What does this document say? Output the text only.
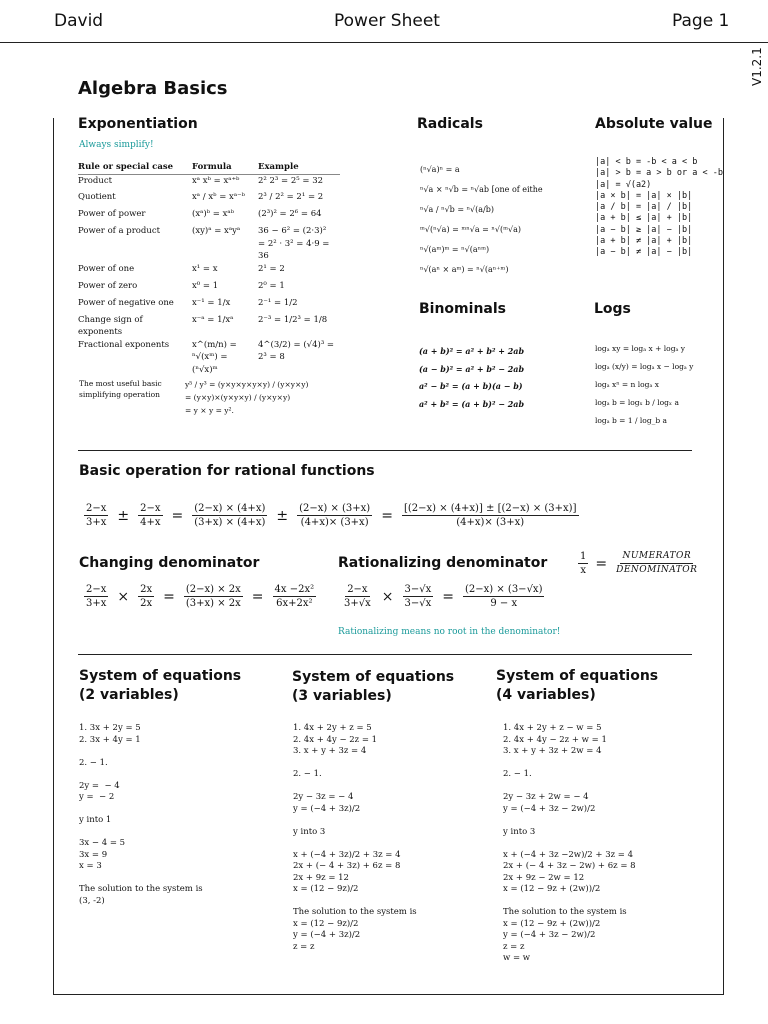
David	Power Sheet	Page 1
V1.2.1
Algebra Basics
Exponentiation
Always simplify!
Rule or special case	Formula	Example
Product	xᵃ xᵇ = xᵃ⁺ᵇ	2² 2³ = 2⁵ = 32
Quotient	xᵃ / xᵇ = xᵃ⁻ᵇ	2³ / 2² = 2¹ = 2
Power of power	(xᵃ)ᵇ = xᵃᵇ	(2³)² = 2⁶ = 64
Power of a product	(xy)ᵃ = xᵃyᵃ	36 − 6² = (2·3)² = 2² · 3² = 4·9 = 36
Power of one	x¹ = x	2¹ = 2
Power of zero	x⁰ = 1	2⁰ = 1
Power of negative one	x⁻¹ = 1/x	2⁻¹ = 1/2
Change sign of exponents	x⁻ᵃ = 1/xᵃ	2⁻³ = 1/2³ = 1/8
Fractional exponents	x^(m/n) = ⁿ√(xᵐ) = (ⁿ√x)ᵐ	4^(3/2) = (√4)³ = 2³ = 8
The most useful basic
simplifying operation
y⁵ / y³ = (y×y×y×y×y) / (y×y×y)
= (y×y)×(y×y×y) / (y×y×y)
= y × y = y².
Radicals
(ⁿ√a)ⁿ = a
ⁿ√a × ⁿ√b = ⁿ√ab [one of eithe
ⁿ√a / ⁿ√b = ⁿ√(a/b)
ᵐ√(ⁿ√a) = ᵐⁿ√a = ⁿ√(ᵐ√a)
ⁿ√(aᵐ)ᵐ = ⁿ√(aⁿᵐ)
ⁿ√(aⁿ × aᵐ) = ⁿ√(aⁿ⁺ᵐ)
Absolute value
|a| < b = -b < a < b
|a| > b = a > b or a < -b
|a| = √(a2)
|a × b| = |a| × |b|
|a / b| = |a| / |b|
|a + b| ≤ |a| + |b|
|a − b| ≥ |a| − |b|
|a + b| ≠ |a| + |b|
|a − b| ≠ |a| − |b|
Binominals
(a + b)² = a² + b² + 2ab
(a − b)² = a² + b² − 2ab
a² − b² = (a + b)(a − b)
a² + b² = (a + b)² − 2ab
Logs
logₐ xy = logₐ x + logₐ y
logₐ (x/y) = logₐ x − logₐ y
logₐ xⁿ = n logₐ x
logₐ b = logₓ b / logₓ a
logₐ b = 1 / log_b a
Basic operation for rational functions
$\frac{2-x}{3+x} \pm \frac{2-x}{4+x} = \frac{(2-x) \times (4+x)}{(3+x) \times (4+x)} \pm \frac{(2-x) \times (3+x)}{(4+x)\times (3+x)} = \frac{[(2-x) \times (4+x)] \pm [(2-x) \times (3+x)]}{(4+x)\times (3+x)}$
Changing denominator
$\frac{2-x}{3+x} \times \frac{2x}{2x} = \frac{(2-x) \times 2x}{(3+x) \times 2x} = \frac{\text{4x −2x²}}{\text{6x+2x²}}$
Rationalizing denominator
$\frac{2-x}{3+√x} \times \frac{3-√x}{3-√x} = \frac{(2-x) \times (3-√x)}{9 - x}$
Rationalizing means no root in the denominator!
$\frac{1}{x} = \frac{\text{NUMERATOR}}{\text{DENOMINATOR}}$
System of equations
(2 variables)
1. 3x + 2y = 5
2. 3x + 4y = 1

2. − 1.

2y =  − 4
y =  − 2

y into 1

3x − 4 = 5
3x = 9
x = 3

The solution to the system is
(3, -2)
System of equations
(3 variables)
1. 4x + 2y + z = 5
2. 4x + 4y − 2z = 1
3. x + y + 3z = 4

2. − 1.

2y − 3z = − 4
y = (−4 + 3z)/2

y into 3

x + (−4 + 3z)/2 + 3z = 4
2x + (− 4 + 3z) + 6z = 8
2x + 9z = 12
x = (12 − 9z)/2

The solution to the system is
x = (12 − 9z)/2
y = (−4 + 3z)/2
z = z
System of equations
(4 variables)
1. 4x + 2y + z − w = 5
2. 4x + 4y − 2z + w = 1
3. x + y + 3z + 2w = 4

2. − 1.

2y − 3z + 2w = − 4
y = (−4 + 3z − 2w)/2

y into 3

x + (−4 + 3z −2w)/2 + 3z = 4
2x + (− 4 + 3z − 2w) + 6z = 8
2x + 9z − 2w = 12
x = (12 − 9z + (2w))/2

The solution to the system is
x = (12 − 9z + (2w))/2
y = (−4 + 3z − 2w)/2
z = z
w = w
